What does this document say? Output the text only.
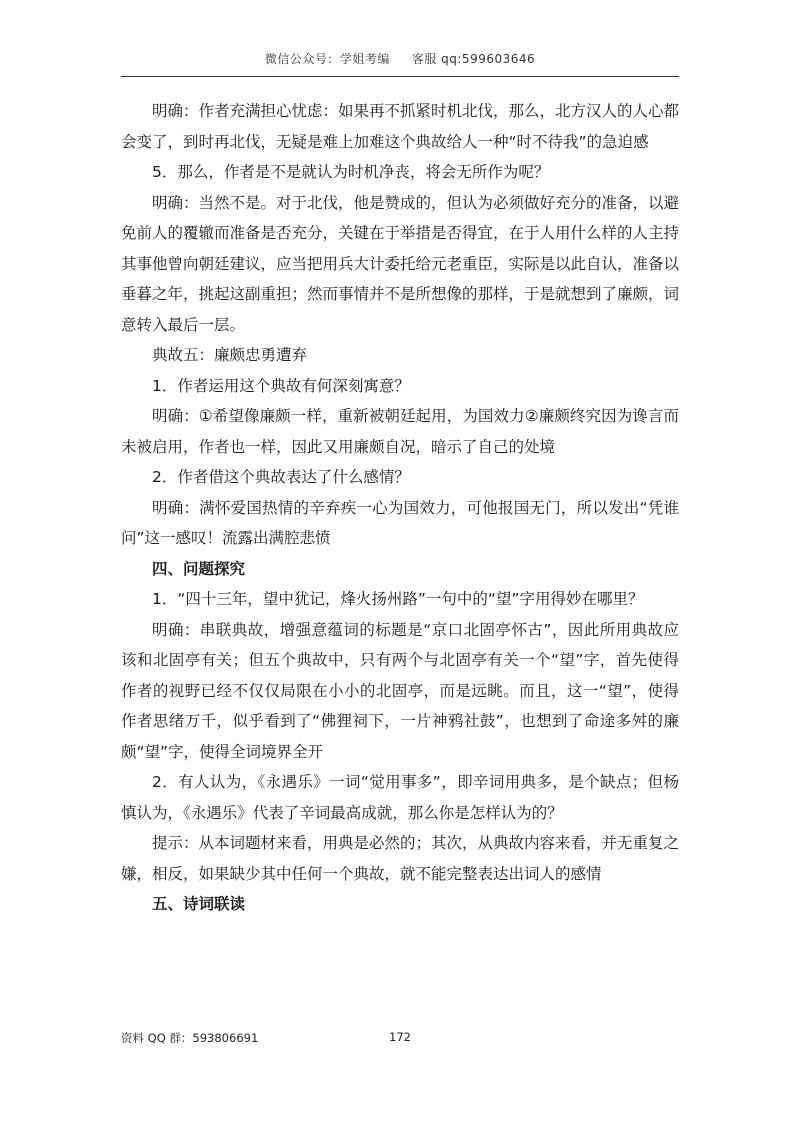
微信公众号：学姐考编 客服 qq:599603646

明确：作者充满担心忧虑：如果再不抓紧时机北伐，那么，北方汉人的人心都会变了，到时再北伐，无疑是难上加难这个典故给人一种“时不待我”的急迫感

5．那么，作者是不是就认为时机净丧，将会无所作为呢？

明确：当然不是。对于北伐，他是赞成的，但认为必须做好充分的准备，以避免前人的覆辙而准备是否充分，关键在于举措是否得宜，在于人用什么样的人主持其事他曾向朝廷建议，应当把用兵大计委托给元老重臣，实际是以此自认，准备以垂暮之年，挑起这副重担；然而事情并不是所想像的那样，于是就想到了廉颇，词意转入最后一层。

典故五：廉颇忠勇遭弃

1．作者运用这个典故有何深刻寓意？

明确：①希望像廉颇一样，重新被朝廷起用，为国效力②廉颇终究因为谗言而未被启用，作者也一样，因此又用廉颇自况，暗示了自己的处境

2．作者借这个典故表达了什么感情？

明确：满怀爱国热情的辛弃疾一心为国效力，可他报国无门，所以发出“凭谁问”这一感叹！流露出满腔悲愤

四、问题探究

1．“四十三年，望中犹记，烽火扬州路”一句中的“望”字用得妙在哪里？

明确：串联典故，增强意蕴词的标题是“京口北固亭怀古”，因此所用典故应该和北固亭有关；但五个典故中，只有两个与北固亭有关一个“望”字，首先使得作者的视野已经不仅仅局限在小小的北固亭，而是远眺。而且，这一“望”，使得作者思绪万千，似乎看到了“佛狸祠下，一片神鸦社鼓”，也想到了命途多舛的廉颇“望”字，使得全词境界全开

2．有人认为，《永遇乐》一词“觉用事多”，即辛词用典多，是个缺点；但杨慎认为，《永遇乐》代表了辛词最高成就，那么你是怎样认为的？

提示：从本词题材来看，用典是必然的；其次，从典故内容来看，并无重复之嫌，相反，如果缺少其中任何一个典故，就不能完整表达出词人的感情

五、诗词联读

资料 QQ 群：593806691	172
